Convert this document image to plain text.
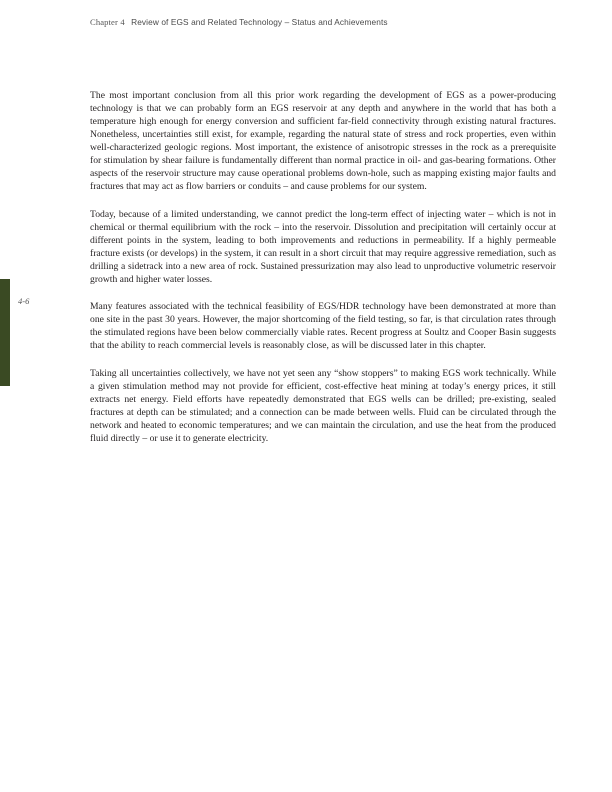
Chapter 4 Review of EGS and Related Technology – Status and Achievements
4-6

The most important conclusion from all this prior work regarding the development of EGS as a power-producing technology is that we can probably form an EGS reservoir at any depth and anywhere in the world that has both a temperature high enough for energy conversion and sufficient far-field connectivity through existing natural fractures. Nonetheless, uncertainties still exist, for example, regarding the natural state of stress and rock properties, even within well-characterized geologic regions. Most important, the existence of anisotropic stresses in the rock as a prerequisite for stimulation by shear failure is fundamentally different than normal practice in oil- and gas-bearing formations. Other aspects of the reservoir structure may cause operational problems down-hole, such as mapping existing major faults and fractures that may act as flow barriers or conduits – and cause problems for our system.

Today, because of a limited understanding, we cannot predict the long-term effect of injecting water – which is not in chemical or thermal equilibrium with the rock – into the reservoir. Dissolution and precipitation will certainly occur at different points in the system, leading to both improvements and reductions in permeability. If a highly permeable fracture exists (or develops) in the system, it can result in a short circuit that may require aggressive remediation, such as drilling a sidetrack into a new area of rock. Sustained pressurization may also lead to unproductive volumetric reservoir growth and higher water losses.

Many features associated with the technical feasibility of EGS/HDR technology have been demonstrated at more than one site in the past 30 years. However, the major shortcoming of the field testing, so far, is that circulation rates through the stimulated regions have been below commercially viable rates. Recent progress at Soultz and Cooper Basin suggests that the ability to reach commercial levels is reasonably close, as will be discussed later in this chapter.

Taking all uncertainties collectively, we have not yet seen any “show stoppers” to making EGS work technically. While a given stimulation method may not provide for efficient, cost-effective heat mining at today’s energy prices, it still extracts net energy. Field efforts have repeatedly demonstrated that EGS wells can be drilled; pre-existing, sealed fractures at depth can be stimulated; and a connection can be made between wells. Fluid can be circulated through the network and heated to economic temperatures; and we can maintain the circulation, and use the heat from the produced fluid directly – or use it to generate electricity.
